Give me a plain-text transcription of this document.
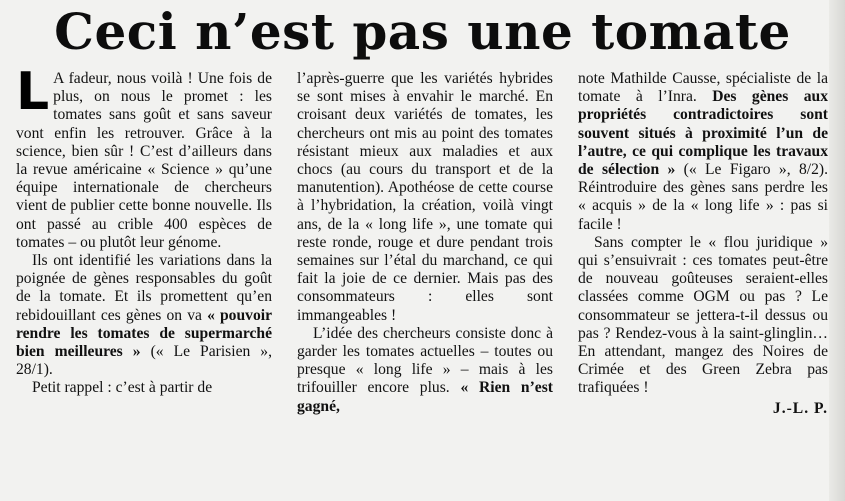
Ceci n’est pas une tomate

L A fadeur, nous voilà ! Une fois de plus, on nous le promet : les tomates sans goût et sans saveur vont enfin les retrouver. Grâce à la science, bien sûr ! C’est d’ailleurs dans la revue américaine « Science » qu’une équipe internationale de chercheurs vient de publier cette bonne nouvelle. Ils ont passé au crible 400 espèces de tomates – ou plutôt leur génome.

Ils ont identifié les variations dans la poignée de gènes responsables du goût de la tomate. Et ils promettent qu’en rebidouillant ces gènes on va « pouvoir rendre les tomates de supermarché bien meilleures » (« Le Parisien », 28/1).

Petit rappel : c’est à partir de

l’après-guerre que les variétés hybrides se sont mises à envahir le marché. En croisant deux variétés de tomates, les chercheurs ont mis au point des tomates résistant mieux aux maladies et aux chocs (au cours du transport et de la manutention). Apothéose de cette course à l’hybridation, la création, voilà vingt ans, de la « long life », une tomate qui reste ronde, rouge et dure pendant trois semaines sur l’étal du marchand, ce qui fait la joie de ce dernier. Mais pas des consommateurs : elles sont immangeables !

L’idée des chercheurs consiste donc à garder les tomates actuelles – toutes ou presque « long life » – mais à les trifouiller encore plus. « Rien n’est gagné,

note Mathilde Causse, spécialiste de la tomate à l’Inra. Des gènes aux propriétés contradictoires sont souvent situés à proximité l’un de l’autre, ce qui complique les travaux de sélection » (« Le Figaro », 8/2). Réintroduire des gènes sans perdre les « acquis » de la « long life » : pas si facile !

Sans compter le « flou juridique » qui s’ensuivrait : ces tomates peut-être de nouveau goûteuses seraient-elles classées comme OGM ou pas ? Le consommateur se jettera-t-il dessus ou pas ? Rendez-vous à la saint-glinglin… En attendant, mangez des Noires de Crimée et des Green Zebra pas trafiquées !

J.-L. P.
